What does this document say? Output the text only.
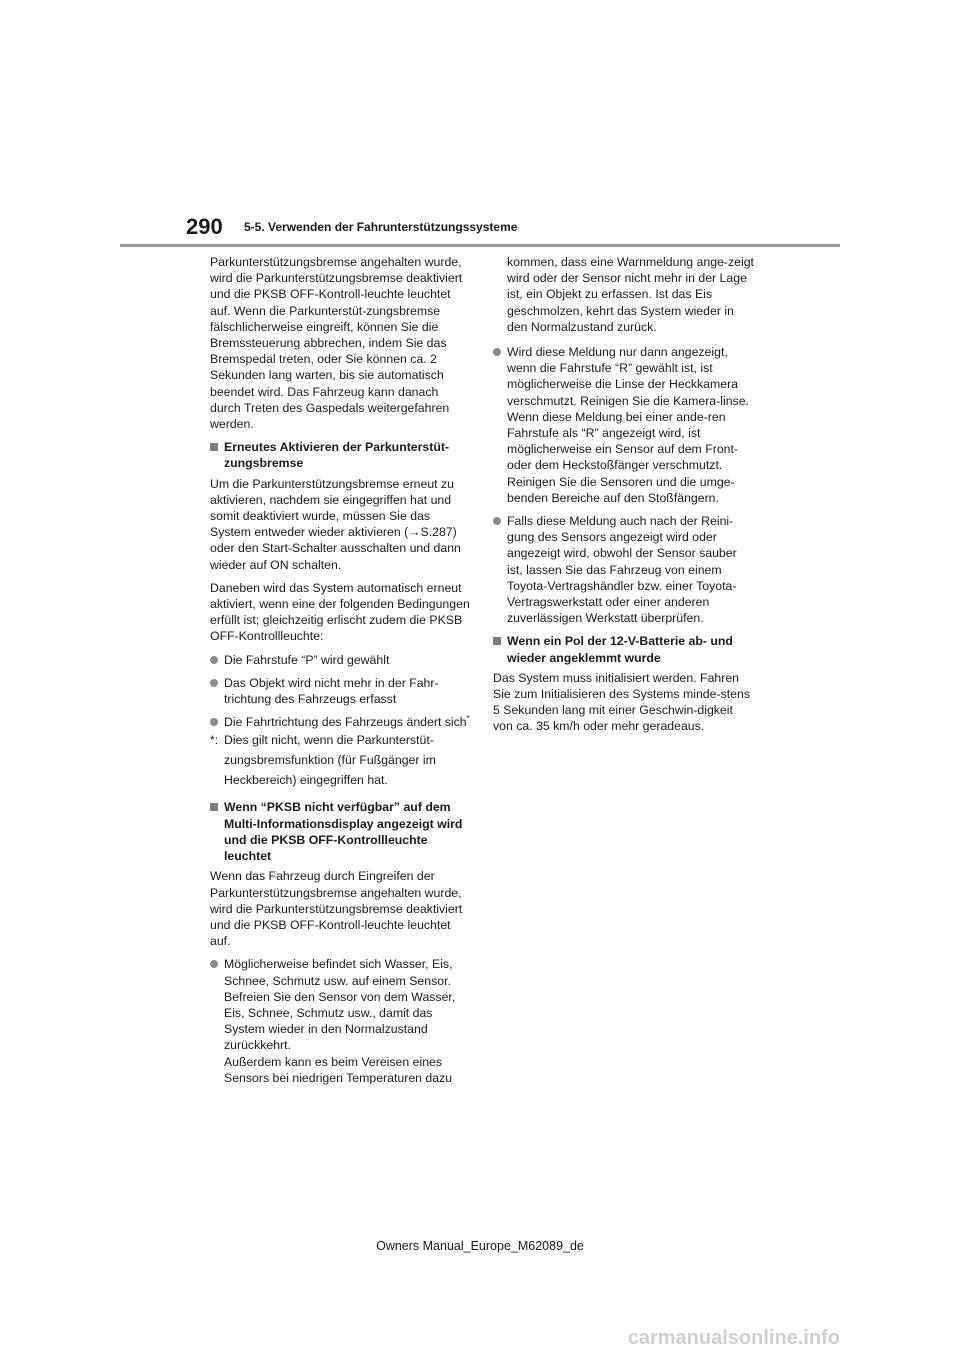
290 5-5. Verwenden der Fahrunterstützungssysteme

Parkunterstützungsbremse angehalten wurde, wird die Parkunterstützungsbremse deaktiviert und die PKSB OFF-Kontroll-leuchte leuchtet auf. Wenn die Parkunterstüt-zungsbremse fälschlicherweise eingreift, können Sie die Bremssteuerung abbrechen, indem Sie das Bremspedal treten, oder Sie können ca. 2 Sekunden lang warten, bis sie automatisch beendet wird. Das Fahrzeug kann danach durch Treten des Gaspedals weitergefahren werden.

Erneutes Aktivieren der Parkunterstüt-zungsbremse

Um die Parkunterstützungsbremse erneut zu aktivieren, nachdem sie eingegriffen hat und somit deaktiviert wurde, müssen Sie das System entweder wieder aktivieren (→S.287) oder den Start-Schalter ausschalten und dann wieder auf ON schalten.

Daneben wird das System automatisch erneut aktiviert, wenn eine der folgenden Bedingungen erfüllt ist; gleichzeitig erlischt zudem die PKSB OFF-Kontrollleuchte:

Die Fahrstufe “P” wird gewählt
Das Objekt wird nicht mehr in der Fahr-trichtung des Fahrzeugs erfasst
Die Fahrtrichtung des Fahrzeugs ändert sich*
*: Dies gilt nicht, wenn die Parkunterstüt-zungsbremsfunktion (für Fußgänger im Heckbereich) eingegriffen hat.
Wenn “PKSB nicht verfügbar” auf dem Multi-Informationsdisplay angezeigt wird und die PKSB OFF-Kontrollleuchte leuchtet

Wenn das Fahrzeug durch Eingreifen der Parkunterstützungsbremse angehalten wurde, wird die Parkunterstützungsbremse deaktiviert und die PKSB OFF-Kontroll-leuchte leuchtet auf.

Möglicherweise befindet sich Wasser, Eis, Schnee, Schmutz usw. auf einem Sensor. Befreien Sie den Sensor von dem Wasser, Eis, Schnee, Schmutz usw., damit das System wieder in den Normalzustand zurückkehrt.
Außerdem kann es beim Vereisen eines Sensors bei niedrigen Temperaturen dazu

kommen, dass eine Warnmeldung ange-zeigt wird oder der Sensor nicht mehr in der Lage ist, ein Objekt zu erfassen. Ist das Eis geschmolzen, kehrt das System wieder in den Normalzustand zurück.

Wird diese Meldung nur dann angezeigt, wenn die Fahrstufe “R” gewählt ist, ist möglicherweise die Linse der Heckkamera verschmutzt. Reinigen Sie die Kamera-linse. Wenn diese Meldung bei einer ande-ren Fahrstufe als “R” angezeigt wird, ist möglicherweise ein Sensor auf dem Front- oder dem Heckstoßfänger verschmutzt. Reinigen Sie die Sensoren und die umge-benden Bereiche auf den Stoßfängern.
Falls diese Meldung auch nach der Reini-gung des Sensors angezeigt wird oder angezeigt wird, obwohl der Sensor sauber ist, lassen Sie das Fahrzeug von einem Toyota-Vertragshändler bzw. einer Toyota-Vertragswerkstatt oder einer anderen zuverlässigen Werkstatt überprüfen.
Wenn ein Pol der 12-V-Batterie ab- und wieder angeklemmt wurde

Das System muss initialisiert werden. Fahren Sie zum Initialisieren des Systems minde-stens 5 Sekunden lang mit einer Geschwin-digkeit von ca. 35 km/h oder mehr geradeaus.

Owners Manual_Europe_M62089_de
carmanualsonline.info
